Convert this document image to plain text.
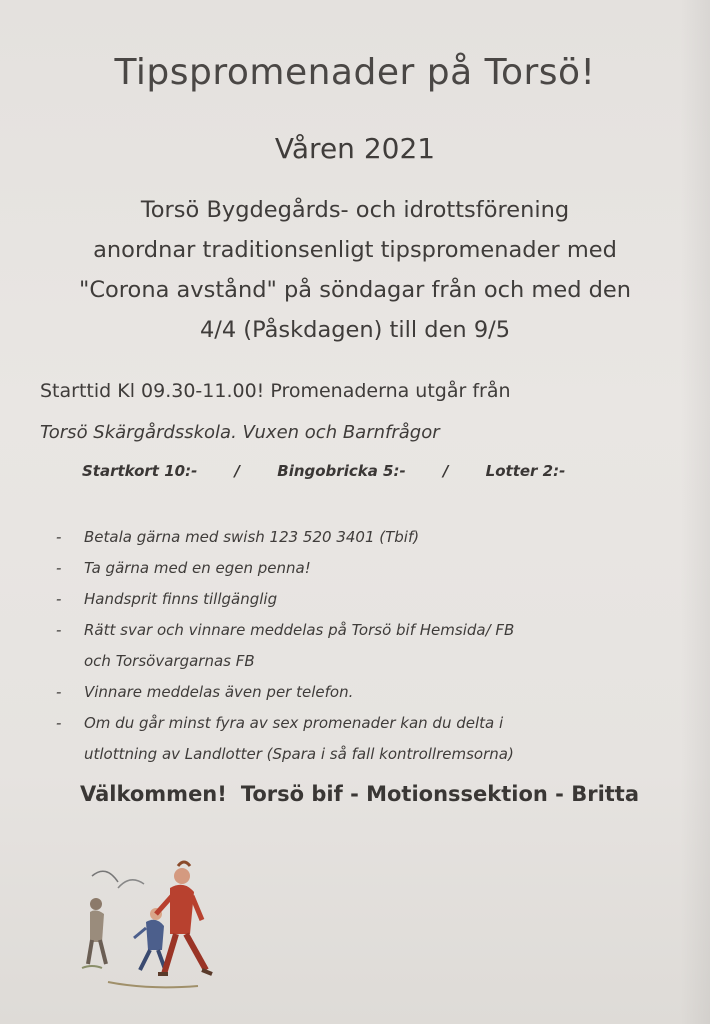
Tipspromenader på Torsö!
Våren 2021
Torsö Bygdegårds- och idrottsförening
anordnar traditionsenligt tipspromenader med
"Corona avstånd" på söndagar från och med den
4/4 (Påskdagen) till den 9/5
Starttid Kl 09.30-11.00! Promenaderna utgår från
Torsö Skärgårdsskola. Vuxen och Barnfrågor
Startkort 10:- / Bingobricka 5:- / Lotter 2:-
- Betala gärna med swish 123 520 3401 (Tbif)
- Ta gärna med en egen penna!
- Handsprit finns tillgänglig
- Rätt svar och vinnare meddelas på Torsö bif Hemsida/ FB
och Torsövargarnas FB
- Vinnare meddelas även per telefon.
- Om du går minst fyra av sex promenader kan du delta i
utlottning av Landlotter (Spara i så fall kontrollremsorna)
Välkommen! Torsö bif - Motionssektion - Britta
